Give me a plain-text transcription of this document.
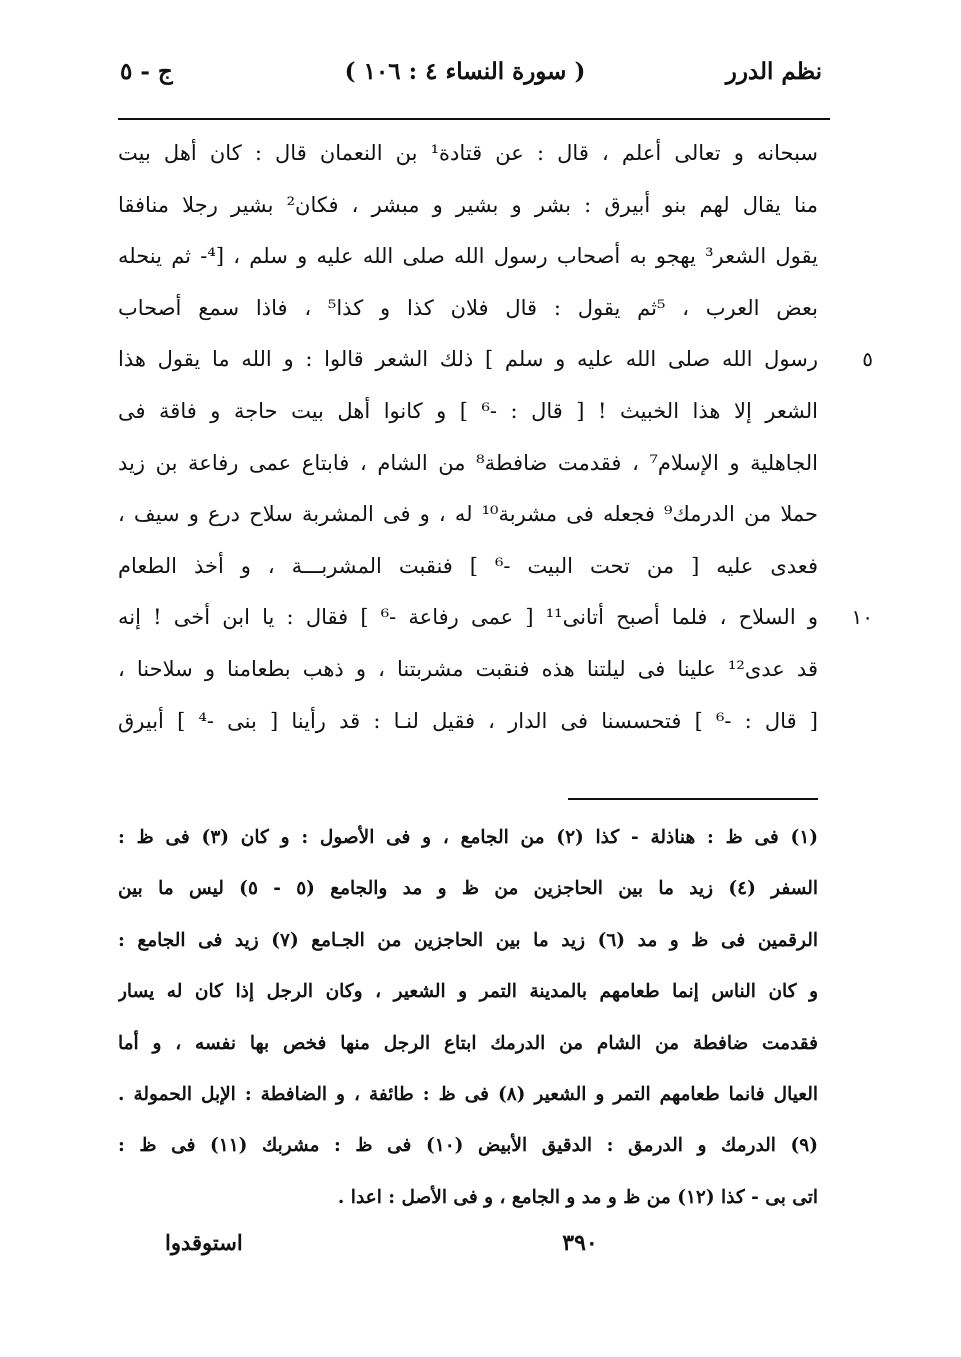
نظم الدرر
( سورة النساء ٤ : ١٠٦ )
ج - ٥
سبحانه و تعالى أعلم ، قال : عن قتادة¹ بن النعمان قال : كان أهل بيت
منا يقال لهم بنو أبيرق : بشر و بشير و مبشر ، فكان² بشير رجلا منافقا
يقول الشعر³ يهجو به أصحاب رسول الله صلى الله عليه و سلم ، [⁴- ثم ينحله
بعض العرب ، ⁵ثم يقول : قال فلان كذا و كذا⁵ ، فاذا سمع أصحاب
رسول الله صلى الله عليه و سلم ] ذلك الشعر قالوا : و الله ما يقول هذا
الشعر إلا هذا الخبيث ! [ قال : -⁶ ] و كانوا أهل بيت حاجة و فاقة فى
الجاهلية و الإسلام⁷ ، فقدمت ضافطة⁸ من الشام ، فابتاع عمى رفاعة بن زيد
حملا من الدرمك⁹ فجعله فى مشربة¹⁰ له ، و فى المشربة سلاح درع و سيف ،
فعدى عليه [ من تحت البيت -⁶ ] فنقبت المشربـــة ، و أخذ الطعام
و السلاح ، فلما أصبح أتانى¹¹ [ عمى رفاعة -⁶ ] فقال : يا ابن أخى ! إنه
قد عدى¹² علينا فى ليلتنا هذه فنقبت مشربتنا ، و ذهب بطعامنا و سلاحنا ،
[ قال : -⁶ ] فتحسسنا فى الدار ، فقيل لنـا : قد رأينا [ بنى -⁴ ] أبيرق
٥
١٠
(١) فى ظ : هناذلة - كذا (٢) من الجامع ، و فى الأصول : و كان (٣) فى ظ :
السفر (٤) زيد ما بين الحاجزين من ظ و مد والجامع (٥ - ٥) ليس ما بين
الرقمين فى ظ و مد (٦) زيد ما بين الحاجزين من الجـامع (٧) زيد فى الجامع :
و كان الناس إنما طعامهم بالمدينة التمر و الشعير ، وكان الرجل إذا كان له يسار
فقدمت ضافطة من الشام من الدرمك ابتاع الرجل منها فخص بها نفسه ، و أما
العيال فانما طعامهم التمر و الشعير (٨) فى ظ : طائفة ، و الضافطة : الإبل الحمولة .
(٩) الدرمك و الدرمق : الدقيق الأبيض (١٠) فى ظ : مشربك (١١) فى ظ :
اتى بى - كذا (١٢) من ظ و مد و الجامع ، و فى الأصل : اعدا .
٣٩٠
استوقدوا
